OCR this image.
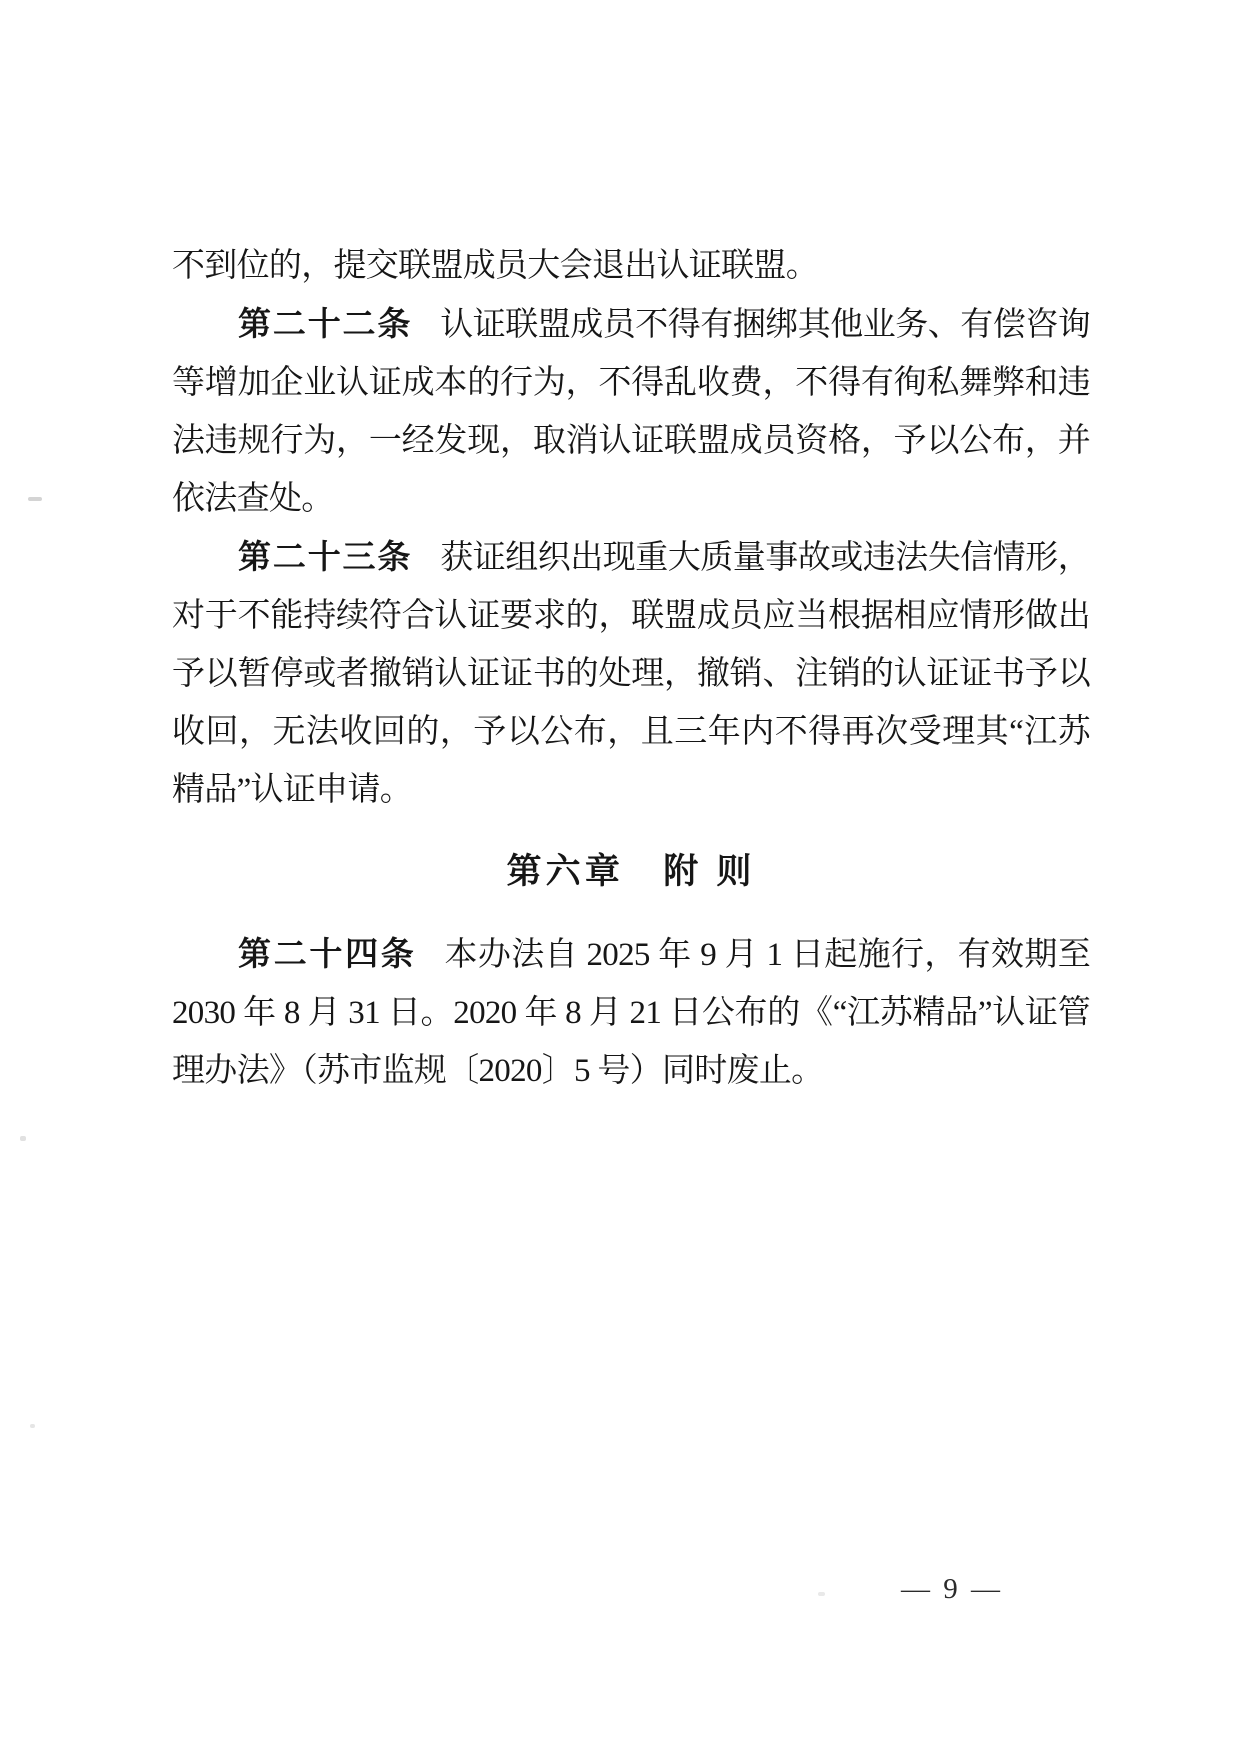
不到位的，提交联盟成员大会退出认证联盟。

第二十二条 认证联盟成员不得有捆绑其他业务、有偿咨询等增加企业认证成本的行为，不得乱收费，不得有徇私舞弊和违法违规行为，一经发现，取消认证联盟成员资格，予以公布，并依法查处。

第二十三条 获证组织出现重大质量事故或违法失信情形，对于不能持续符合认证要求的，联盟成员应当根据相应情形做出予以暂停或者撤销认证证书的处理，撤销、注销的认证证书予以收回，无法收回的，予以公布，且三年内不得再次受理其“江苏精品”认证申请。

第六章　附 则

第二十四条 本办法自 2025 年 9 月 1 日起施行，有效期至 2030 年 8 月 31 日。2020 年 8 月 21 日公布的《“江苏精品”认证管理办法》（苏市监规〔2020〕5 号）同时废止。

— 9 —
